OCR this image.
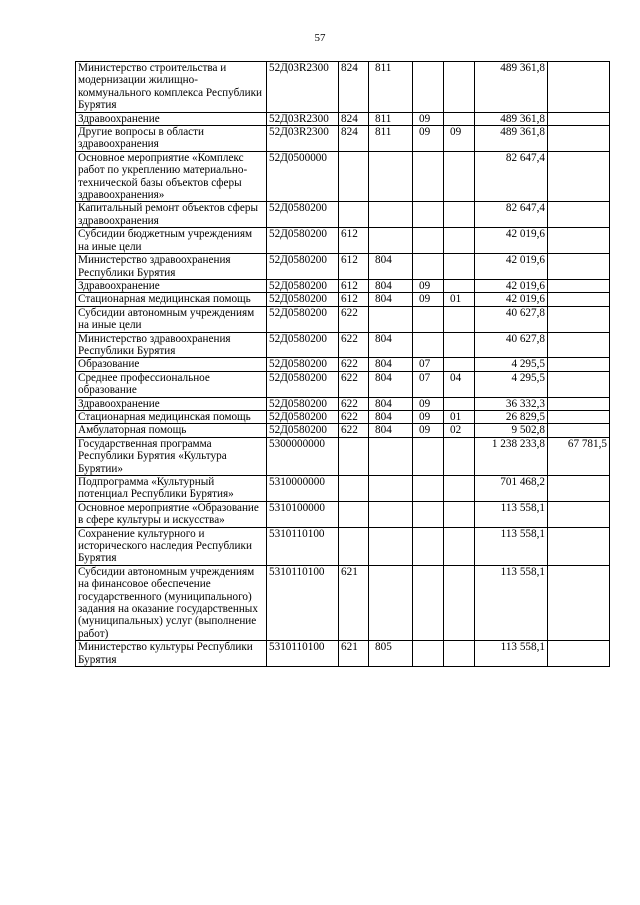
57
Министерство строительства и модернизации жилищно-коммунального комплекса Республики Бурятия	52Д03R2300	824	811			489 361,8	
Здравоохранение	52Д03R2300	824	811	09		489 361,8	
Другие вопросы в области здравоохранения	52Д03R2300	824	811	09	09	489 361,8	
Основное мероприятие «Комплекс работ по укреплению материально-технической базы объектов сферы здравоохранения»	52Д0500000					82 647,4	
Капитальный ремонт объектов сферы здравоохранения	52Д0580200					82 647,4	
Субсидии бюджетным учреждениям на иные цели	52Д0580200	612				42 019,6	
Министерство здравоохранения Республики Бурятия	52Д0580200	612	804			42 019,6	
Здравоохранение	52Д0580200	612	804	09		42 019,6	
Стационарная медицинская помощь	52Д0580200	612	804	09	01	42 019,6	
Субсидии автономным учреждениям на иные цели	52Д0580200	622				40 627,8	
Министерство здравоохранения Республики Бурятия	52Д0580200	622	804			40 627,8	
Образование	52Д0580200	622	804	07		4 295,5	
Среднее профессиональное образование	52Д0580200	622	804	07	04	4 295,5	
Здравоохранение	52Д0580200	622	804	09		36 332,3	
Стационарная медицинская помощь	52Д0580200	622	804	09	01	26 829,5	
Амбулаторная помощь	52Д0580200	622	804	09	02	9 502,8	
Государственная программа Республики Бурятия «Культура Бурятии»	5300000000					1 238 233,8	67 781,5
Подпрограмма «Культурный потенциал Республики Бурятия»	5310000000					701 468,2	
Основное мероприятие «Образование в сфере культуры и искусства»	5310100000					113 558,1	
Сохранение культурного и исторического наследия Республики Бурятия	5310110100					113 558,1	
Субсидии автономным учреждениям на финансовое обеспечение государственного (муниципального) задания на оказание государственных (муниципальных) услуг (выполнение работ)	5310110100	621				113 558,1	
Министерство культуры Республики Бурятия	5310110100	621	805			113 558,1	
